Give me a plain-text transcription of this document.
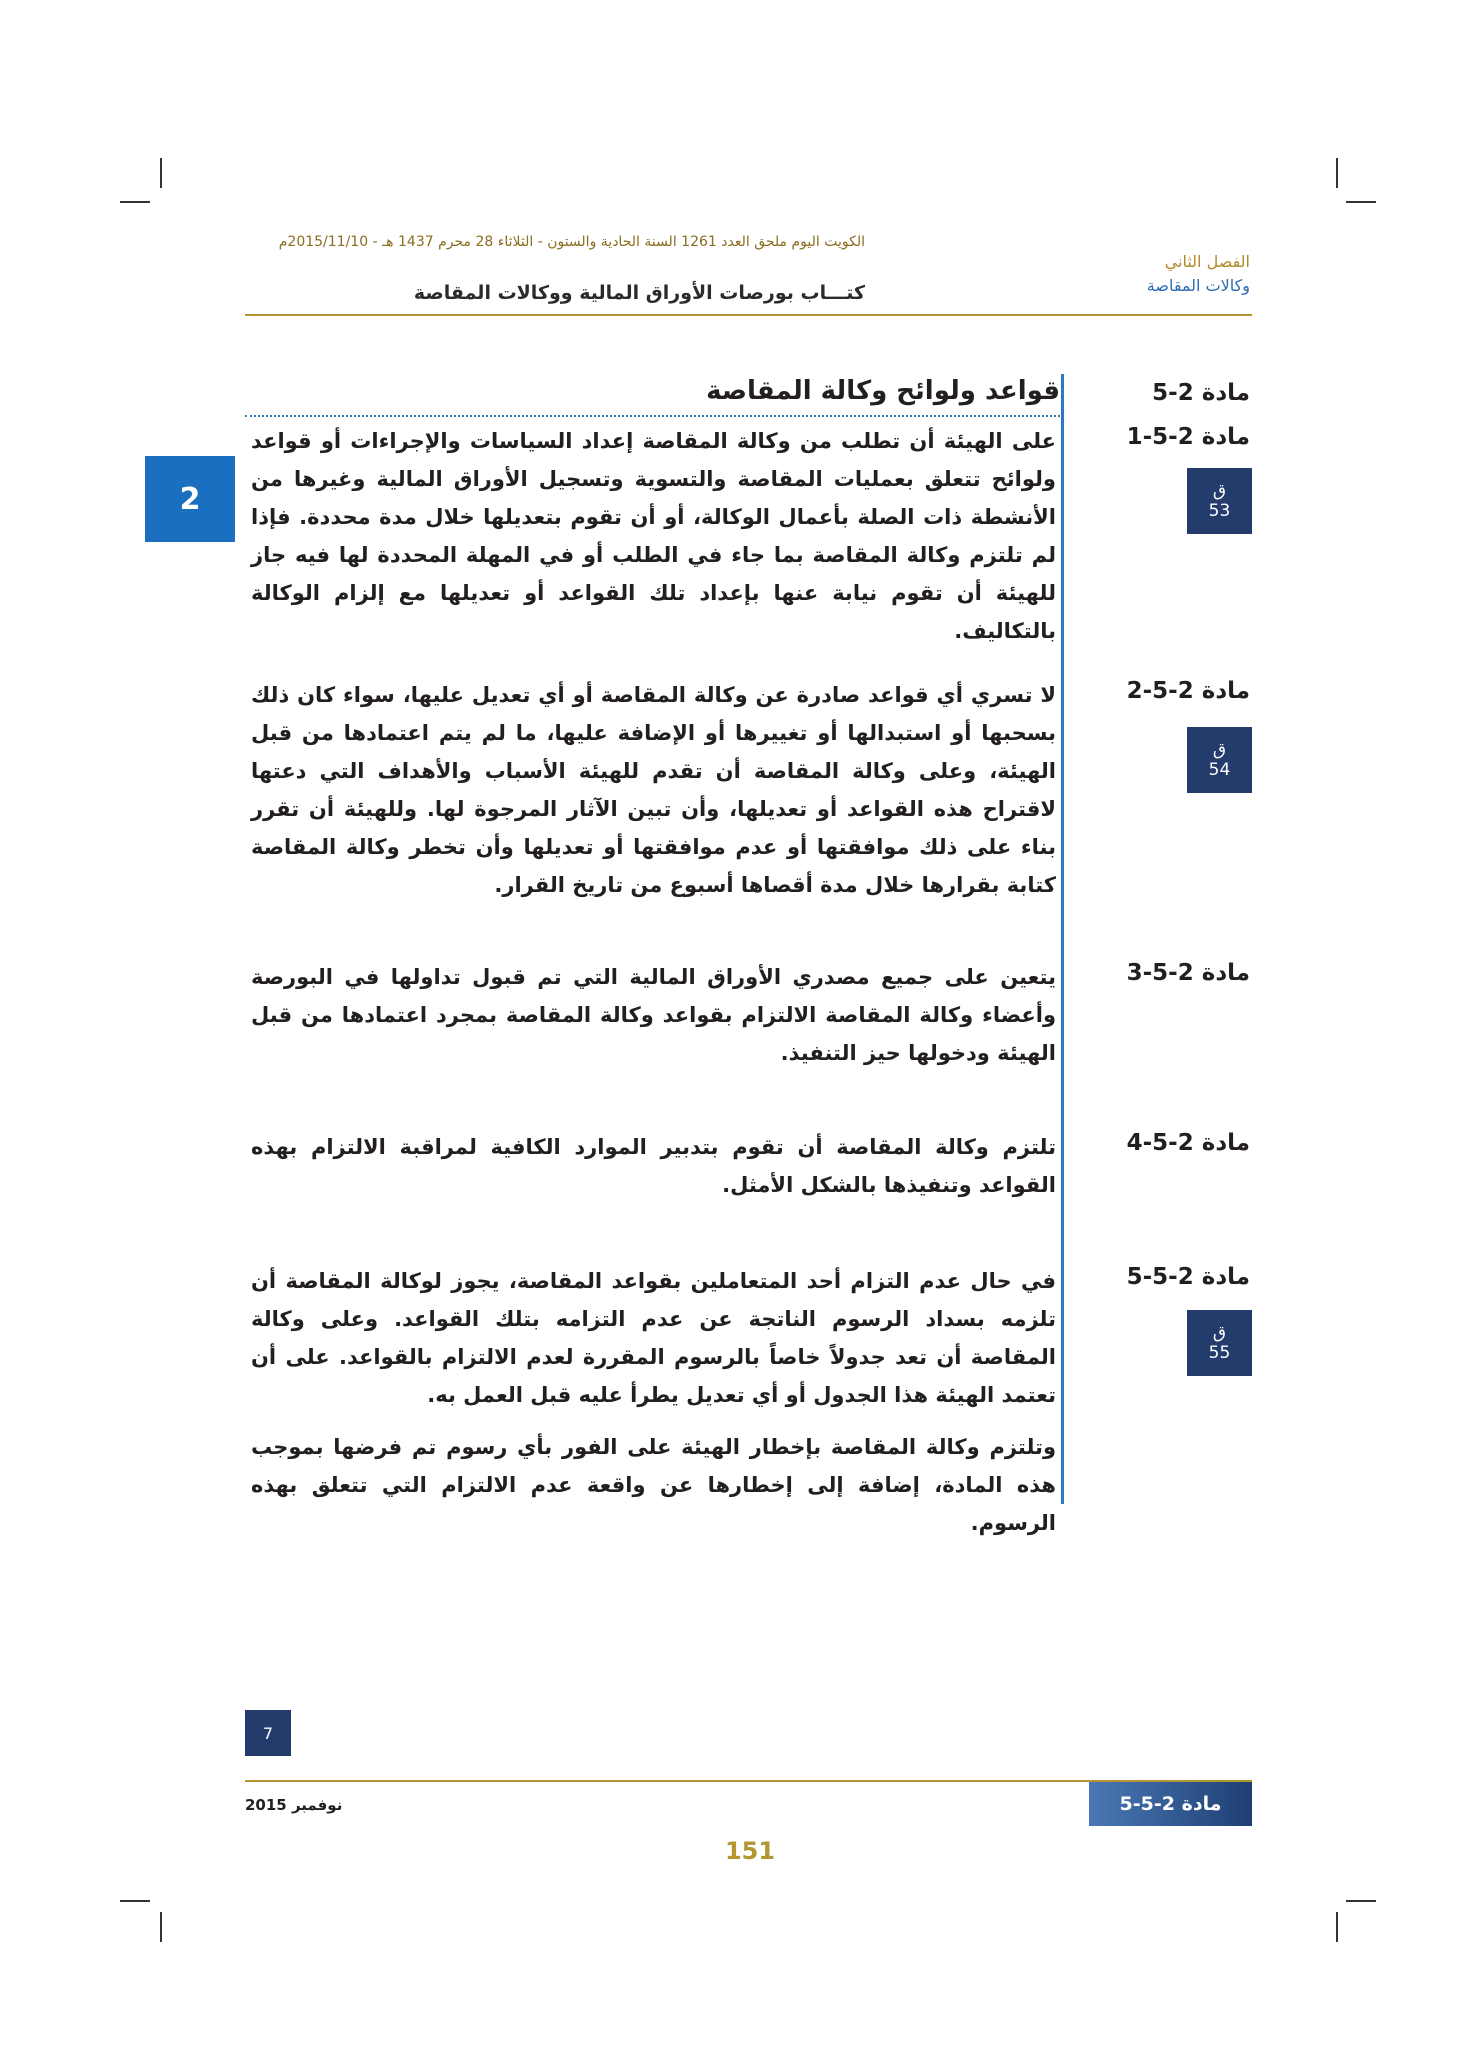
الكويت اليوم ملحق العدد 1261 السنة الحادية والستون - الثلاثاء 28 محرم 1437 هـ - 2015/11/10م
كتـــاب بورصات الأوراق المالية ووكالات المقاصة
الفصل الثاني
وكالات المقاصة
2
مادة 2-5
قواعد ولوائح وكالة المقاصة
مادة 2-5-1
ق
53
على الهيئة أن تطلب من وكالة المقاصة إعداد السياسات والإجراءات أو قواعد ولوائح تتعلق بعمليات المقاصة والتسوية وتسجيل الأوراق المالية وغيرها من الأنشطة ذات الصلة بأعمال الوكالة، أو أن تقوم بتعديلها خلال مدة محددة. فإذا لم تلتزم وكالة المقاصة بما جاء في الطلب أو في المهلة المحددة لها فيه جاز للهيئة أن تقوم نيابة عنها بإعداد تلك القواعد أو تعديلها مع إلزام الوكالة بالتكاليف.
مادة 2-5-2
ق
54
لا تسري أي قواعد صادرة عن وكالة المقاصة أو أي تعديل عليها، سواء كان ذلك بسحبها أو استبدالها أو تغييرها أو الإضافة عليها، ما لم يتم اعتمادها من قبل الهيئة، وعلى وكالة المقاصة أن تقدم للهيئة الأسباب والأهداف التي دعتها لاقتراح هذه القواعد أو تعديلها، وأن تبين الآثار المرجوة لها. وللهيئة أن تقرر بناء على ذلك موافقتها أو عدم موافقتها أو تعديلها وأن تخطر وكالة المقاصة كتابة بقرارها خلال مدة أقصاها أسبوع من تاريخ القرار.
مادة 2-5-3
يتعين على جميع مصدري الأوراق المالية التي تم قبول تداولها في البورصة وأعضاء وكالة المقاصة الالتزام بقواعد وكالة المقاصة بمجرد اعتمادها من قبل الهيئة ودخولها حيز التنفيذ.
مادة 2-5-4
تلتزم وكالة المقاصة أن تقوم بتدبير الموارد الكافية لمراقبة الالتزام بهذه القواعد وتنفيذها بالشكل الأمثل.
مادة 2-5-5
ق
55
في حال عدم التزام أحد المتعاملين بقواعد المقاصة، يجوز لوكالة المقاصة أن تلزمه بسداد الرسوم الناتجة عن عدم التزامه بتلك القواعد. وعلى وكالة المقاصة أن تعد جدولاً خاصاً بالرسوم المقررة لعدم الالتزام بالقواعد. على أن تعتمد الهيئة هذا الجدول أو أي تعديل يطرأ عليه قبل العمل به.
وتلتزم وكالة المقاصة بإخطار الهيئة على الفور بأي رسوم تم فرضها بموجب هذه المادة، إضافة إلى إخطارها عن واقعة عدم الالتزام التي تتعلق بهذه الرسوم.
7
نوفمبر 2015	مادة 2-5-5
151
